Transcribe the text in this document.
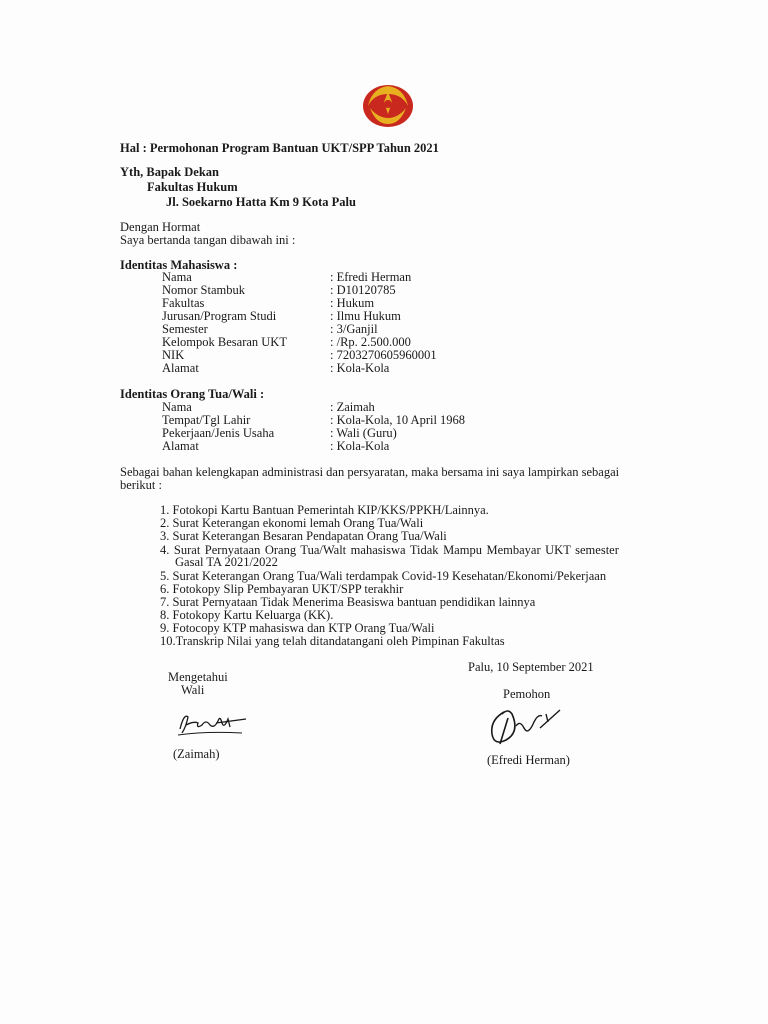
Hal : Permohonan Program Bantuan UKT/SPP Tahun 2021
Yth, Bapak Dekan
Fakultas Hukum
Jl. Soekarno Hatta Km 9 Kota Palu
Dengan Hormat
Saya bertanda tangan dibawah ini :
Identitas Mahasiswa :
Nama	: Efredi Herman
Nomor Stambuk	: D10120785
Fakultas	: Hukum
Jurusan/Program Studi	: Ilmu Hukum
Semester	: 3/Ganjil
Kelompok Besaran UKT	: /Rp. 2.500.000
NIK	: 7203270605960001
Alamat	: Kola-Kola
Identitas Orang Tua/Wali :
Nama	: Zaimah
Tempat/Tgl Lahir	: Kola-Kola, 10 April 1968
Pekerjaan/Jenis Usaha	: Wali (Guru)
Alamat	: Kola-Kola
Sebagai bahan kelengkapan administrasi dan persyaratan, maka bersama ini saya lampirkan sebagai
berikut :
1. Fotokopi Kartu Bantuan Pemerintah KIP/KKS/PPKH/Lainnya.
2. Surat Keterangan ekonomi lemah Orang Tua/Wali
3. Surat Keterangan Besaran Pendapatan Orang Tua/Wali
4. Surat Pernyataan Orang Tua/Walt mahasiswa Tidak Mampu Membayar UKT semester
Gasal TA 2021/2022
5. Surat Keterangan Orang Tua/Wali terdampak Covid-19 Kesehatan/Ekonomi/Pekerjaan
6. Fotokopy Slip Pembayaran UKT/SPP terakhir
7. Surat Pernyataan Tidak Menerima Beasiswa bantuan pendidikan lainnya
8. Fotokopy Kartu Keluarga (KK).
9. Fotocopy KTP mahasiswa dan KTP Orang Tua/Wali
10.Transkrip Nilai yang telah ditandatangani oleh Pimpinan Fakultas
Palu, 10 September 2021
Mengetahui
Wali	Pemohon
(Zaimah)	(Efredi Herman)
